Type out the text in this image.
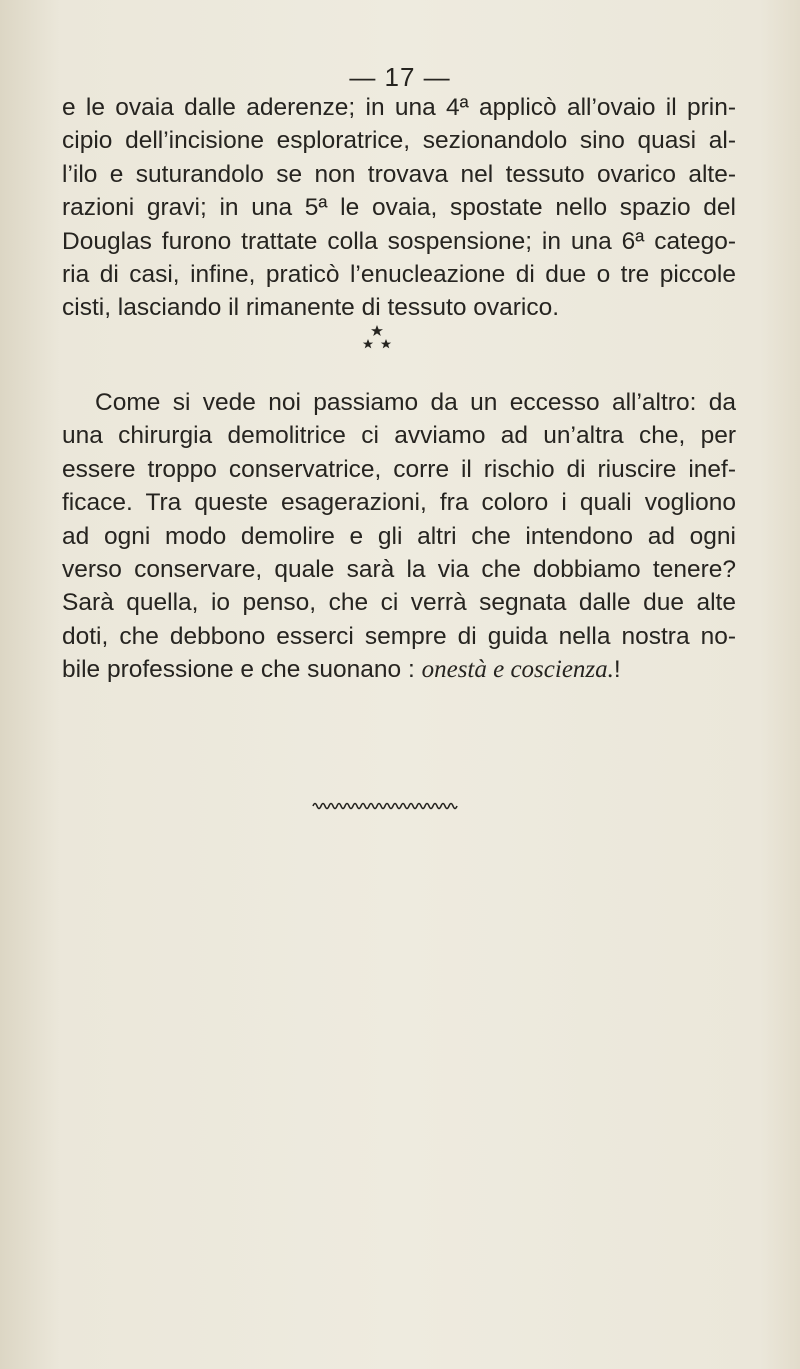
— 17 —

e le ovaia dalle aderenze; in una 4ª applicò all’ovaio il prin-
cipio dell’incisione esploratrice, sezionandolo sino quasi al-
l’ilo e suturandolo se non trovava nel tessuto ovarico alte-
razioni gravi; in una 5ª le ovaia, spostate nello spazio del
Douglas furono trattate colla sospensione; in una 6ª catego-
ria di casi, infine, praticò l’enucleazione di due o tre piccole
cisti, lasciando il rimanente di tessuto ovarico.

Come si vede noi passiamo da un eccesso all’altro: da
una chirurgia demolitrice ci avviamo ad un’altra che, per
essere troppo conservatrice, corre il rischio di riuscire inef-
ficace. Tra queste esagerazioni, fra coloro i quali vogliono
ad ogni modo demolire e gli altri che intendono ad ogni
verso conservare, quale sarà la via che dobbiamo tenere?
Sarà quella, io penso, che ci verrà segnata dalle due alte
doti, che debbono esserci sempre di guida nella nostra no-
bile professione e che suonano : onestà e coscienza.!
